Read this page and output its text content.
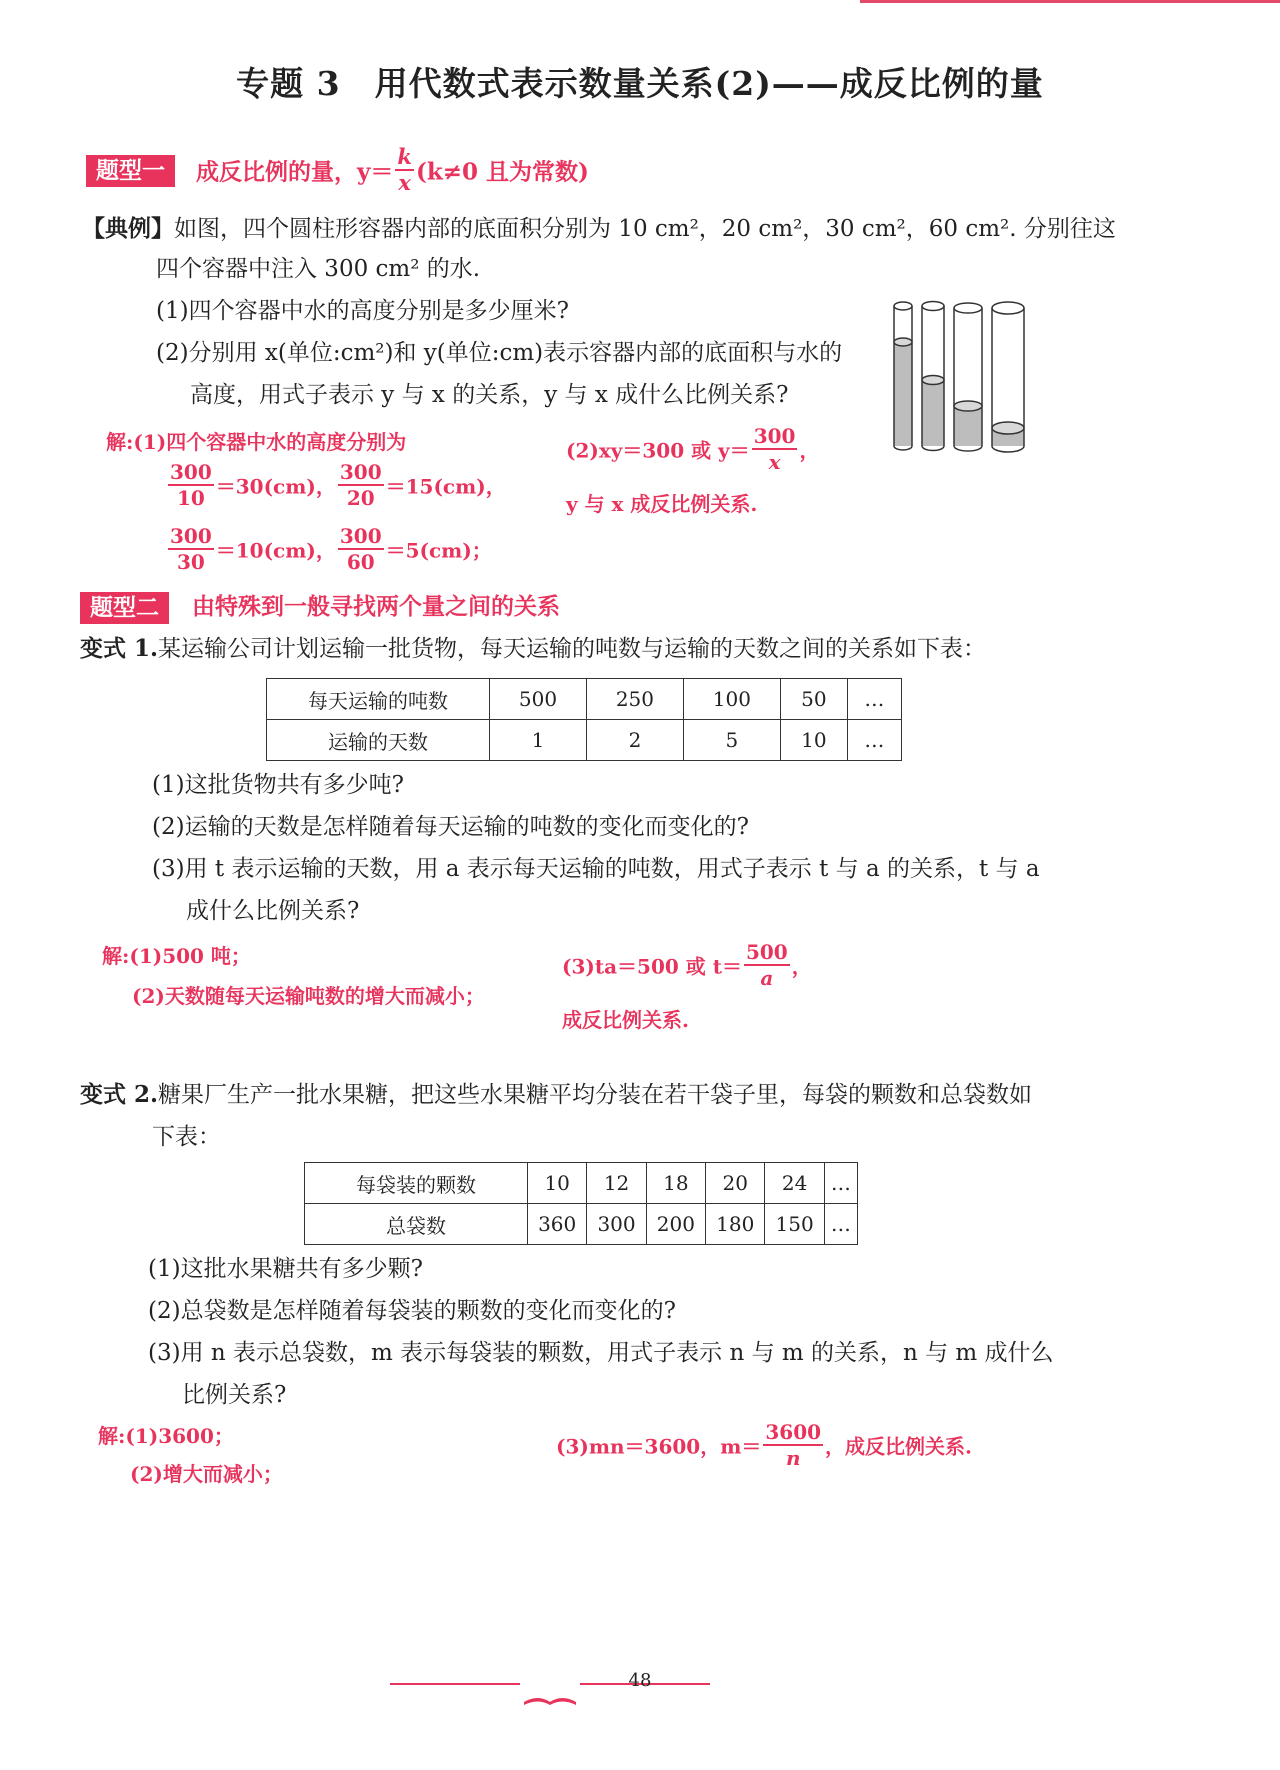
专题 3　用代数式表示数量关系(2)——成反比例的量
题型一	成反比例的量，$y= \frac{k}{x} (k\ne 0$ 且为常数)
【典例】如图，四个圆柱形容器内部的底面积分别为 10 cm²，20 cm²，30 cm²，60 cm². 分别往这
四个容器中注入 300 cm² 的水.
(1)四个容器中水的高度分别是多少厘米?
(2)分别用 x(单位:cm²)和 y(单位:cm)表示容器内部的底面积与水的
高度，用式子表示 y 与 x 的关系，y 与 x 成什么比例关系?
解:(1)四个容器中水的高度分别为
$\frac{300}{10} =30(cm)$， $\frac{300}{20} =15(cm)$，
$\frac{300}{30} =10(cm)$， $\frac{300}{60} =5(cm)$；
(2)xy＝300 或 $y= \frac{300}{x}$ ，
y 与 x 成反比例关系.
题型二	由特殊到一般寻找两个量之间的关系
变式 1.某运输公司计划运输一批货物，每天运输的吨数与运输的天数之间的关系如下表：
每天运输的吨数	500	250	100	50	…
运输的天数	1	2	5	10	…
(1)这批货物共有多少吨?
(2)运输的天数是怎样随着每天运输的吨数的变化而变化的?
(3)用 t 表示运输的天数，用 a 表示每天运输的吨数，用式子表示 t 与 a 的关系，t 与 a
成什么比例关系?
解:(1)500 吨；
(2)天数随每天运输吨数的增大而减小；
(3)ta＝500 或 $t= \frac{500}{a}$ ，
成反比例关系.
变式 2.糖果厂生产一批水果糖，把这些水果糖平均分装在若干袋子里，每袋的颗数和总袋数如
下表：
每袋装的颗数	10	12	18	20	24	…
总袋数	360	300	200	180	150	…
(1)这批水果糖共有多少颗?
(2)总袋数是怎样随着每袋装的颗数的变化而变化的?
(3)用 n 表示总袋数，m 表示每袋装的颗数，用式子表示 n 与 m 的关系，n 与 m 成什么
比例关系?
解:(1)3600；
(2)增大而减小；
(3)mn＝3600，$m= \frac{3600}{n}$ ，成反比例关系.
48
